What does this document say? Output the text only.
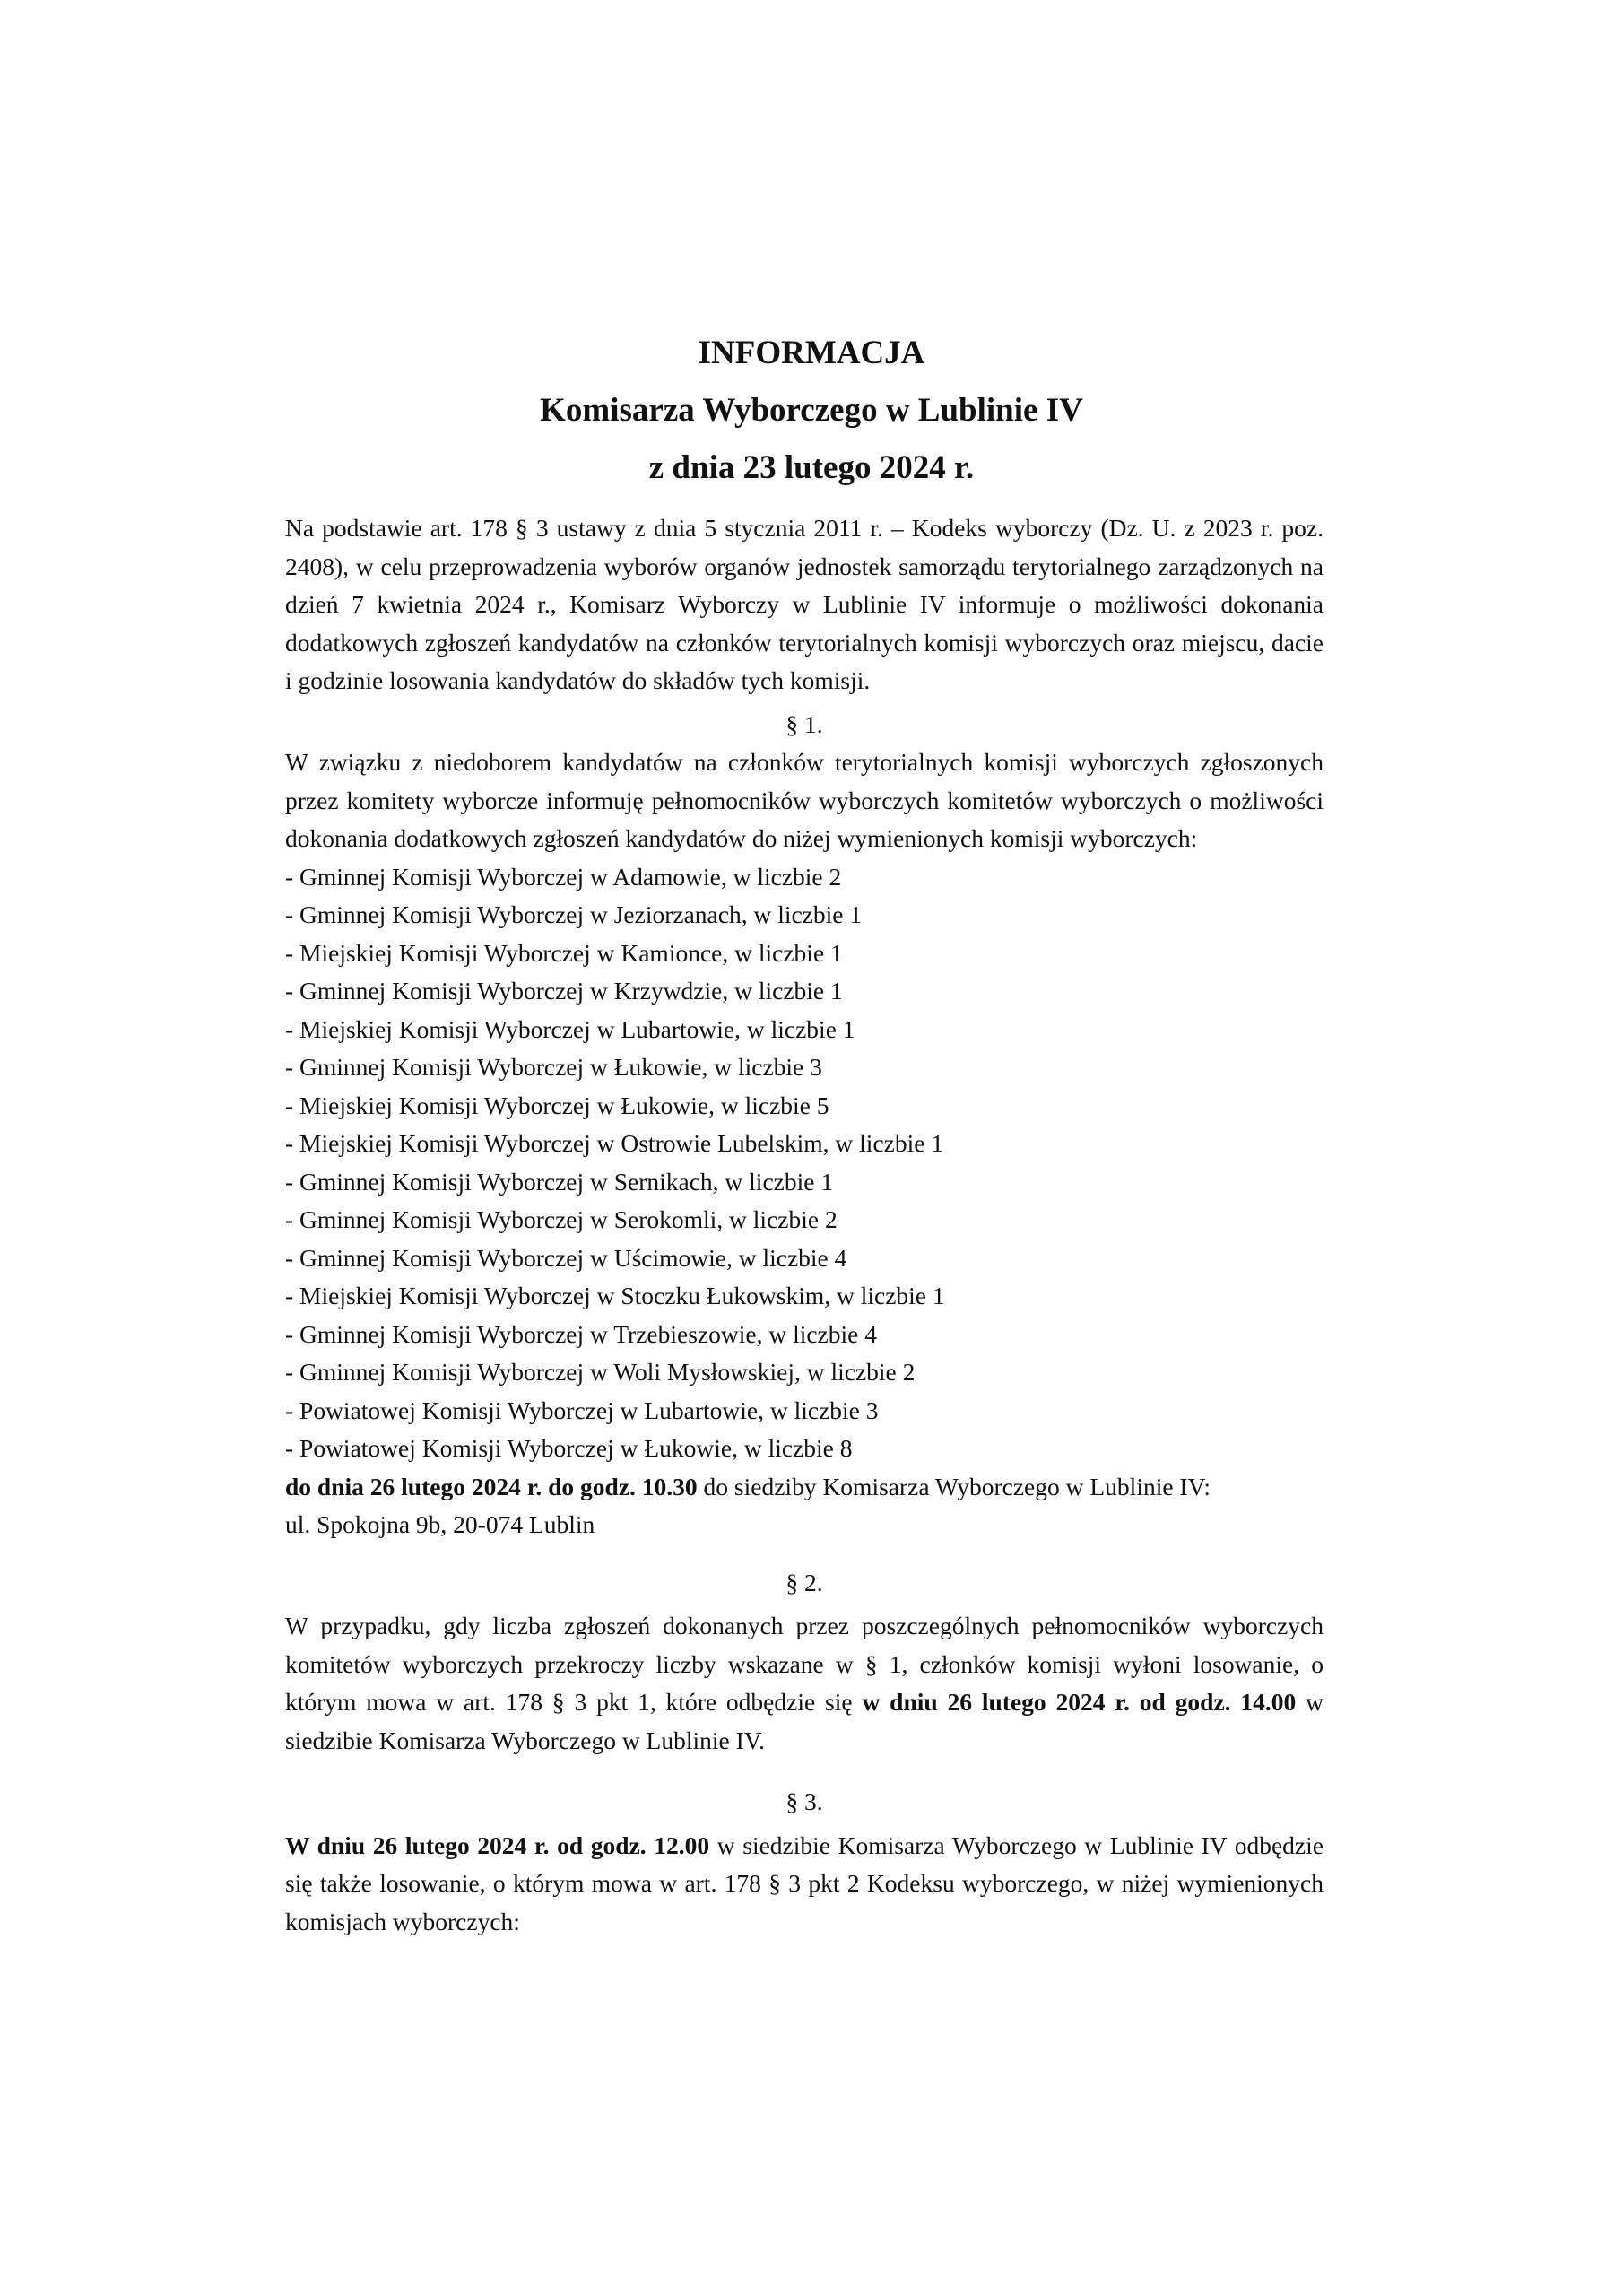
INFORMACJA
Komisarza Wyborczego w Lublinie IV
z dnia 23 lutego 2024 r.

Na podstawie art. 178 § 3 ustawy z dnia 5 stycznia 2011 r. – Kodeks wyborczy (Dz. U. z 2023 r. poz. 2408), w celu przeprowadzenia wyborów organów jednostek samorządu terytorialnego zarządzonych na dzień 7 kwietnia 2024 r., Komisarz Wyborczy w Lublinie IV informuje o możliwości dokonania dodatkowych zgłoszeń kandydatów na członków terytorialnych komisji wyborczych oraz miejscu, dacie i godzinie losowania kandydatów do składów tych komisji.

§ 1.

W związku z niedoborem kandydatów na członków terytorialnych komisji wyborczych zgłoszonych przez komitety wyborcze informuję pełnomocników wyborczych komitetów wyborczych o możliwości dokonania dodatkowych zgłoszeń kandydatów do niżej wymienionych komisji wyborczych:

- Gminnej Komisji Wyborczej w Adamowie, w liczbie 2
- Gminnej Komisji Wyborczej w Jeziorzanach, w liczbie 1
- Miejskiej Komisji Wyborczej w Kamionce, w liczbie 1
- Gminnej Komisji Wyborczej w Krzywdzie, w liczbie 1
- Miejskiej Komisji Wyborczej w Lubartowie, w liczbie 1
- Gminnej Komisji Wyborczej w Łukowie, w liczbie 3
- Miejskiej Komisji Wyborczej w Łukowie, w liczbie 5
- Miejskiej Komisji Wyborczej w Ostrowie Lubelskim, w liczbie 1
- Gminnej Komisji Wyborczej w Sernikach, w liczbie 1
- Gminnej Komisji Wyborczej w Serokomli, w liczbie 2
- Gminnej Komisji Wyborczej w Uścimowie, w liczbie 4
- Miejskiej Komisji Wyborczej w Stoczku Łukowskim, w liczbie 1
- Gminnej Komisji Wyborczej w Trzebieszowie, w liczbie 4
- Gminnej Komisji Wyborczej w Woli Mysłowskiej, w liczbie 2
- Powiatowej Komisji Wyborczej w Lubartowie, w liczbie 3
- Powiatowej Komisji Wyborczej w Łukowie, w liczbie 8

do dnia 26 lutego 2024 r. do godz. 10.30 do siedziby Komisarza Wyborczego w Lublinie IV:

ul. Spokojna 9b, 20-074 Lublin

§ 2.

W przypadku, gdy liczba zgłoszeń dokonanych przez poszczególnych pełnomocników wyborczych komitetów wyborczych przekroczy liczby wskazane w § 1, członków komisji wyłoni losowanie, o którym mowa w art. 178 § 3 pkt 1, które odbędzie się w dniu 26 lutego 2024 r. od godz. 14.00 w siedzibie Komisarza Wyborczego w Lublinie IV.

§ 3.

W dniu 26 lutego 2024 r. od godz. 12.00 w siedzibie Komisarza Wyborczego w Lublinie IV odbędzie się także losowanie, o którym mowa w art. 178 § 3 pkt 2 Kodeksu wyborczego, w niżej wymienionych komisjach wyborczych:
